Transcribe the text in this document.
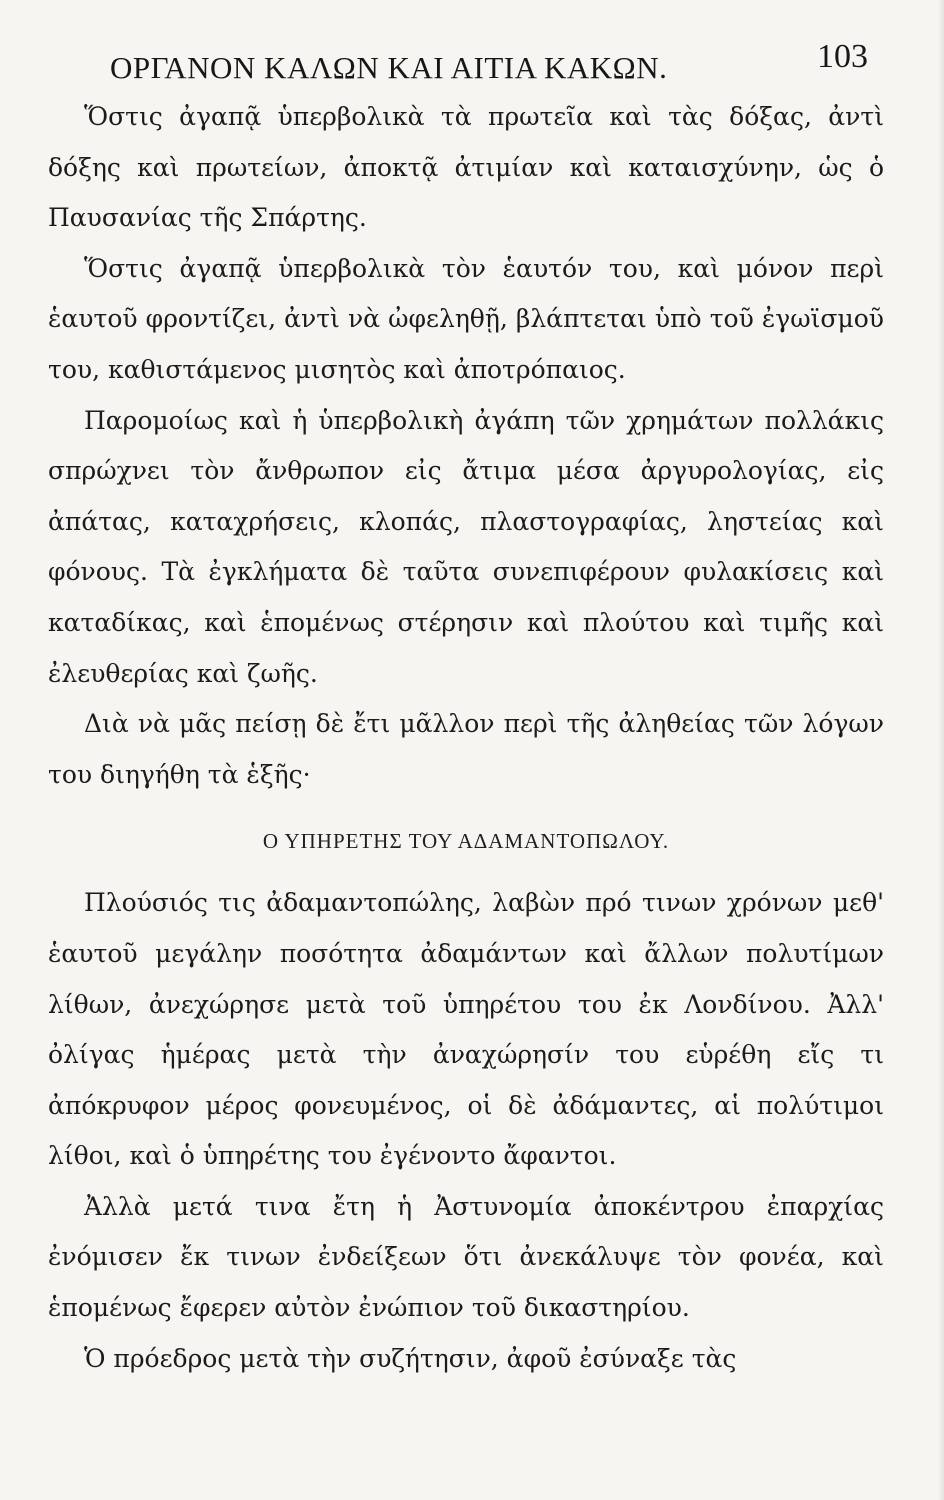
ΟΡΓΑΝΟΝ ΚΑΛΩΝ ΚΑΙ ΑΙΤΙΑ ΚΑΚΩΝ.	103

Ὅστις ἀγαπᾷ ὑπερβολικὰ τὰ πρωτεῖα καὶ τὰς δόξας, ἀντὶ δόξης καὶ πρωτείων, ἀποκτᾷ ἀτιμίαν καὶ καταισχύνην, ὡς ὁ Παυσανίας τῆς Σπάρτης.

Ὅστις ἀγαπᾷ ὑπερβολικὰ τὸν ἑαυτόν του, καὶ μόνον περὶ ἑαυτοῦ φροντίζει, ἀντὶ νὰ ὠφεληθῇ, βλάπτεται ὑπὸ τοῦ ἐγωϊσμοῦ του, καθιστάμενος μισητὸς καὶ ἀποτρόπαιος.

Παρομοίως καὶ ἡ ὑπερβολικὴ ἀγάπη τῶν χρημάτων πολλάκις σπρώχνει τὸν ἄνθρωπον εἰς ἄτιμα μέσα ἀργυρολογίας, εἰς ἀπάτας, καταχρήσεις, κλοπάς, πλαστογραφίας, ληστείας καὶ φόνους. Τὰ ἐγκλήματα δὲ ταῦτα συνεπιφέρουν φυλακίσεις καὶ καταδίκας, καὶ ἑπομένως στέρησιν καὶ πλούτου καὶ τιμῆς καὶ ἐλευθερίας καὶ ζωῆς.

Διὰ νὰ μᾶς πείσῃ δὲ ἔτι μᾶλλον περὶ τῆς ἀληθείας τῶν λόγων του διηγήθη τὰ ἑξῆς·

Ο ΥΠΗΡΕΤΗΣ ΤΟΥ ΑΔΑΜΑΝΤΟΠΩΛΟΥ.

Πλούσιός τις ἀδαμαντοπώλης, λαβὼν πρό τινων χρόνων μεθ' ἑαυτοῦ μεγάλην ποσότητα ἀδαμάντων καὶ ἄλλων πολυτίμων λίθων, ἀνεχώρησε μετὰ τοῦ ὑπηρέτου του ἐκ Λονδίνου. Ἀλλ' ὀλίγας ἡμέρας μετὰ τὴν ἀναχώρησίν του εὑρέθη εἴς τι ἀπόκρυφον μέρος φονευμένος, οἱ δὲ ἀδάμαντες, αἱ πολύτιμοι λίθοι, καὶ ὁ ὑπηρέτης του ἐγένοντο ἄφαντοι.

Ἀλλὰ μετά τινα ἔτη ἡ Ἀστυνομία ἀποκέντρου ἐπαρχίας ἐνόμισεν ἔκ τινων ἐνδείξεων ὅτι ἀνεκάλυψε τὸν φονέα, καὶ ἑπομένως ἔφερεν αὐτὸν ἐνώπιον τοῦ δικαστηρίου.

Ὁ πρόεδρος μετὰ τὴν συζήτησιν, ἀφοῦ ἐσύναξε τὰς
